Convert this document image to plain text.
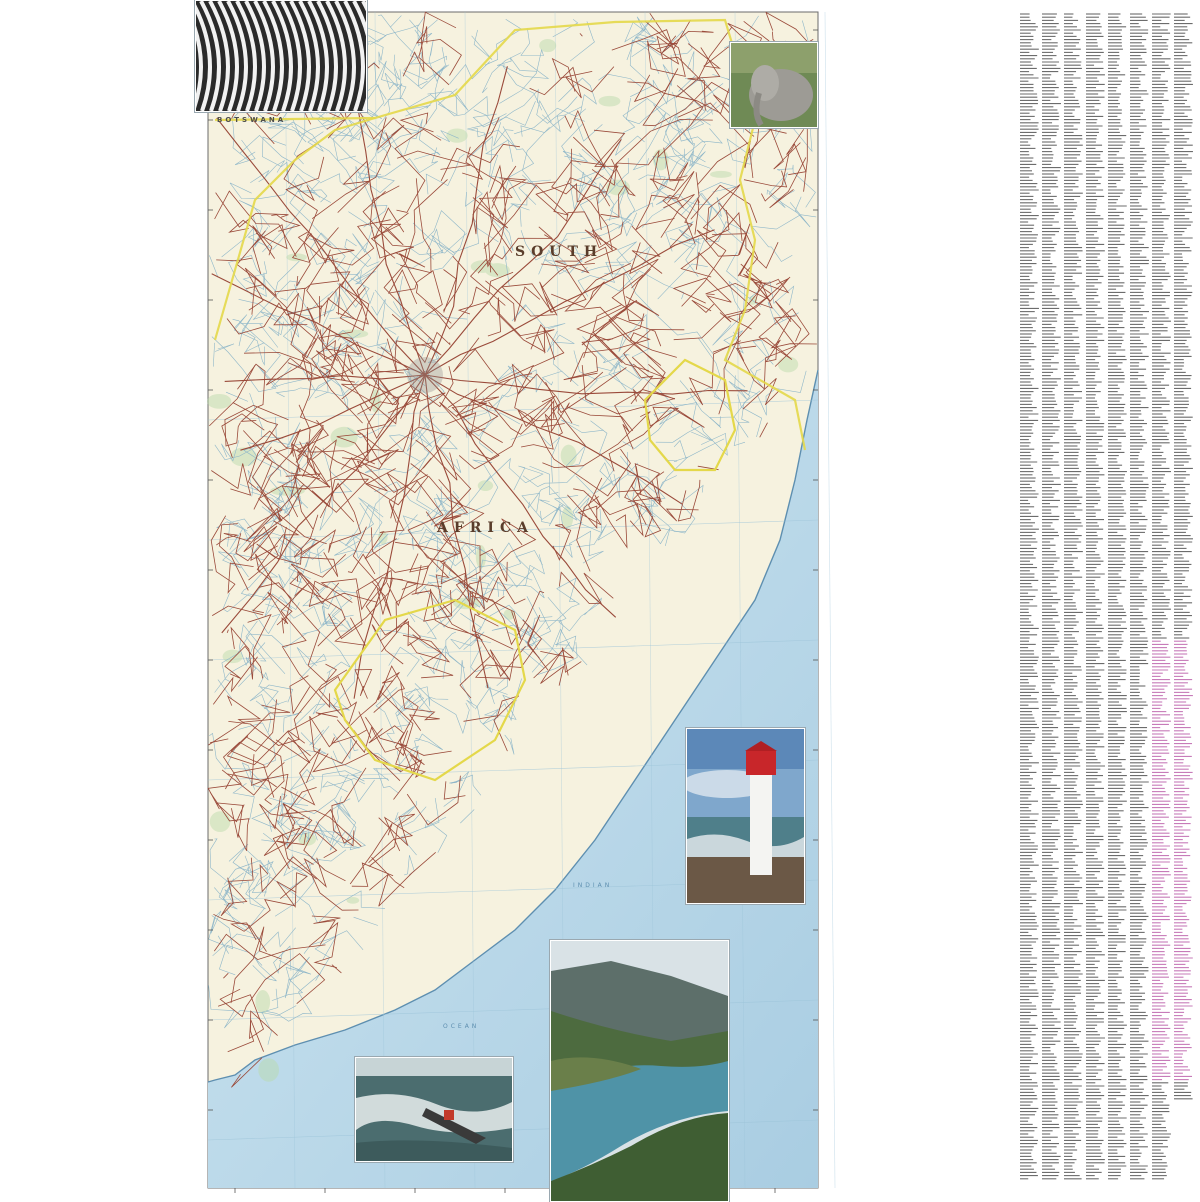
SOUTH
AFRICA
BOTSWANA
INDIAN
OCEAN
